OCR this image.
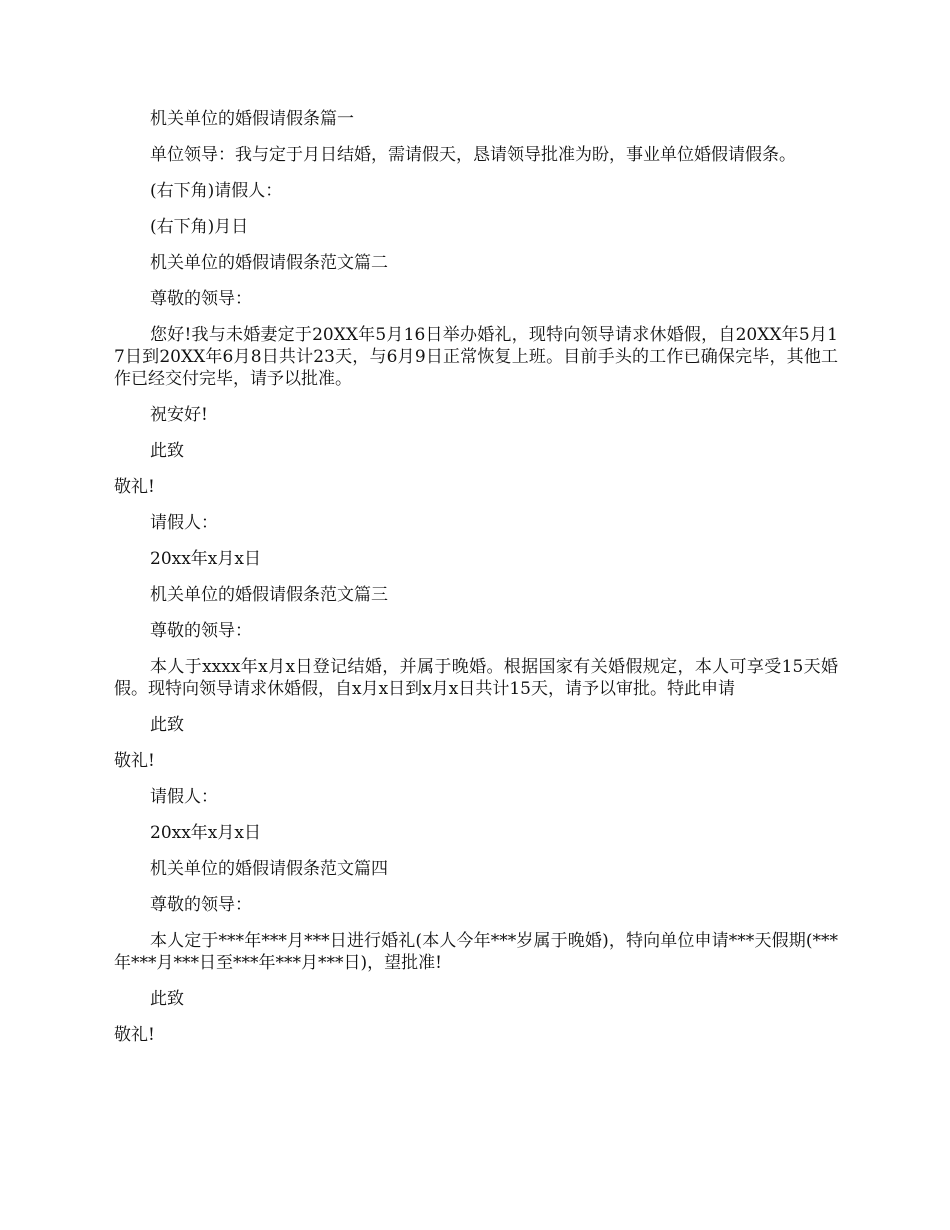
机关单位的婚假请假条篇一

单位领导：我与定于月日结婚，需请假天，恳请领导批准为盼，事业单位婚假请假条。

(右下角)请假人：

(右下角)月日

机关单位的婚假请假条范文篇二

尊敬的领导：

您好!我与未婚妻定于20XX年5月16日举办婚礼，现特向领导请求休婚假，自20XX年5月17日到20XX年6月8日共计23天，与6月9日正常恢复上班。目前手头的工作已确保完毕，其他工作已经交付完毕，请予以批准。

祝安好!

此致

敬礼!

请假人：

20xx年x月x日

机关单位的婚假请假条范文篇三

尊敬的领导：

本人于xxxx年x月x日登记结婚，并属于晚婚。根据国家有关婚假规定，本人可享受15天婚假。现特向领导请求休婚假，自x月x日到x月x日共计15天，请予以审批。特此申请

此致

敬礼!

请假人：

20xx年x月x日

机关单位的婚假请假条范文篇四

尊敬的领导：

本人定于***年***月***日进行婚礼(本人今年***岁属于晚婚)，特向单位申请***天假期(***年***月***日至***年***月***日)，望批准!

此致

敬礼!
